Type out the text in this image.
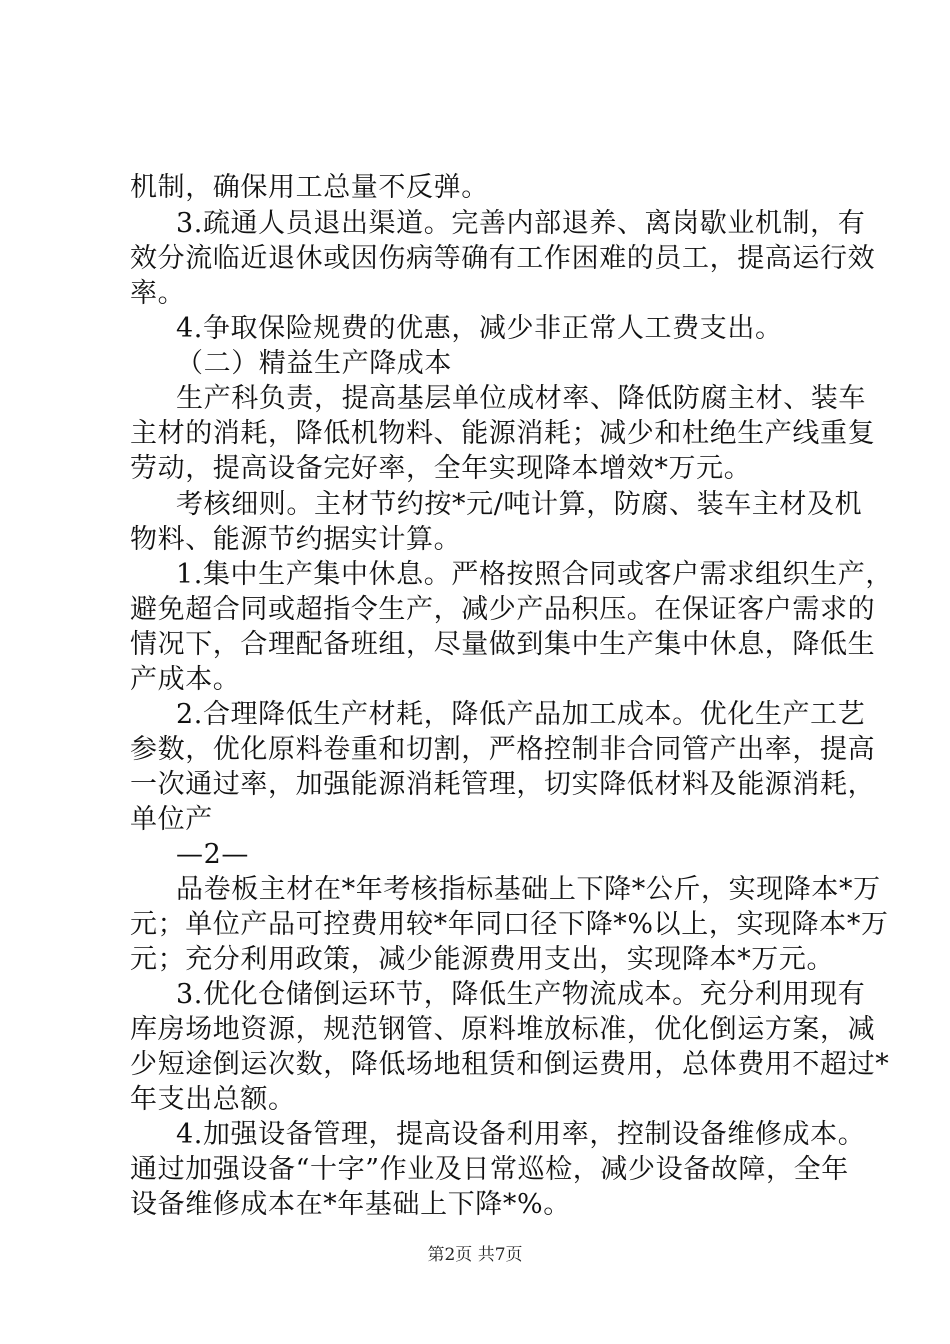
机制，确保用工总量不反弹。
3.疏通人员退出渠道。完善内部退养、离岗歇业机制，有
效分流临近退休或因伤病等确有工作困难的员工，提高运行效
率。
4.争取保险规费的优惠，减少非正常人工费支出。
（二）精益生产降成本
生产科负责，提高基层单位成材率、降低防腐主材、装车
主材的消耗，降低机物料、能源消耗；减少和杜绝生产线重复
劳动，提高设备完好率，全年实现降本增效*万元。
考核细则。主材节约按*元/吨计算，防腐、装车主材及机
物料、能源节约据实计算。
1.集中生产集中休息。严格按照合同或客户需求组织生产，
避免超合同或超指令生产，减少产品积压。在保证客户需求的
情况下，合理配备班组，尽量做到集中生产集中休息，降低生
产成本。
2.合理降低生产材耗，降低产品加工成本。优化生产工艺
参数，优化原料卷重和切割，严格控制非合同管产出率，提高
一次通过率，加强能源消耗管理，切实降低材料及能源消耗，
单位产
—2—
品卷板主材在*年考核指标基础上下降*公斤，实现降本*万
元；单位产品可控费用较*年同口径下降*%以上，实现降本*万
元；充分利用政策，减少能源费用支出，实现降本*万元。
3.优化仓储倒运环节，降低生产物流成本。充分利用现有
库房场地资源，规范钢管、原料堆放标准，优化倒运方案，减
少短途倒运次数，降低场地租赁和倒运费用，总体费用不超过*
年支出总额。
4.加强设备管理，提高设备利用率，控制设备维修成本。
通过加强设备“十字”作业及日常巡检，减少设备故障，全年
设备维修成本在*年基础上下降*%。
第2页 共7页
